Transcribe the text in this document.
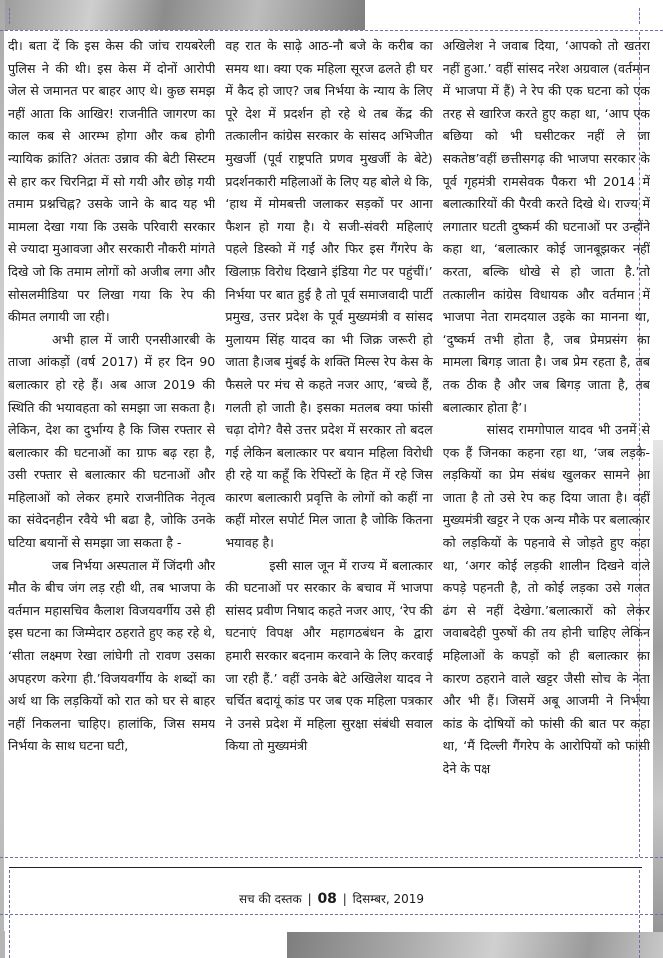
दी। बता दें कि इस केस की जांच रायबरेली पुलिस ने की थी। इस केस में दोनों आरोपी जेल से जमानत पर बाहर आए थे। कुछ समझ नहीं आता कि आखिर! राजनीति जागरण का काल कब से आरम्भ होगा और कब होगी न्यायिक क्रांति? अंततः उन्नाव की बेटी सिस्टम से हार कर चिरनिद्रा में सो गयी और छोड़ गयी तमाम प्रश्नचिह्न? उसके जाने के बाद यह भी मामला देखा गया कि उसके परिवारी सरकार से ज्यादा मुआवजा और सरकारी नौकरी मांगते दिखे जो कि तमाम लोगों को अजीब लगा और सोसलमीडिया पर लिखा गया कि रेप की कीमत लगायी जा रही।

अभी हाल में जारी एनसीआरबी के ताजा आंकड़ों (वर्ष 2017) में हर दिन 90 बलात्कार हो रहे हैं। अब आज 2019 की स्थिति की भयावहता को समझा जा सकता है। लेकिन, देश का दुर्भाग्य है कि जिस रफ्तार से बलात्कार की घटनाओं का ग्राफ बढ़ रहा है, उसी रफ्तार से बलात्कार की घटनाओं और महिलाओं को लेकर हमारे राजनीतिक नेतृत्व का संवेदनहीन रवैये भी बढा है, जोकि उनके घटिया बयानों से समझा जा सकता है -

जब निर्भया अस्पताल में जिंदगी और मौत के बीच जंग लड़ रही थी, तब भाजपा के वर्तमान महासचिव कैलाश विजयवर्गीय उसे ही इस घटना का जिम्मेदार ठहराते हुए कह रहे थे, ‘सीता लक्ष्मण रेखा लांघेगी तो रावण उसका अपहरण करेगा ही.’विजयवर्गीय के शब्दों का अर्थ था कि लड़कियों को रात को घर से बाहर नहीं निकलना चाहिए। हालांकि, जिस समय निर्भया के साथ घटना घटी,

वह रात के साढ़े आठ-नौ बजे के करीब का समय था। क्या एक महिला सूरज ढलते ही घर में कैद हो जाए? जब निर्भया के न्याय के लिए पूरे देश में प्रदर्शन हो रहे थे तब केंद्र की तत्कालीन कांग्रेस सरकार के सांसद अभिजीत मुखर्जी (पूर्व राष्ट्रपति प्रणव मुखर्जी के बेटे) प्रदर्शनकारी महिलाओं के लिए यह बोले थे कि, ‘हाथ में मोमबत्ती जलाकर सड़कों पर आना फैशन हो गया है। ये सजी-संवरी महिलाएं पहले डिस्को में गईं और फिर इस गैंगरेप के खिलाफ़ विरोध दिखाने इंडिया गेट पर पहुंचीं।’ निर्भया पर बात हुई है तो पूर्व समाजवादी पार्टी प्रमुख, उत्तर प्रदेश के पूर्व मुख्यमंत्री व सांसद मुलायम सिंह यादव का भी जिक्र जरूरी हो जाता है।जब मुंबई के शक्ति मिल्स रेप केस के फैसले पर मंच से कहते नजर आए, ‘बच्चे हैं, गलती हो जाती है। इसका मतलब क्या फांसी चढ़ा दोगे? वैसे उत्तर प्रदेश में सरकार तो बदल गई लेकिन बलात्कार पर बयान महिला विरोधी ही रहे या कहूँ कि रेपिस्टों के हित में रहे जिस कारण बलात्कारी प्रवृत्ति के लोगों को कहीं ना कहीं मोरल सपोर्ट मिल जाता है जोकि कितना भयावह है।

इसी साल जून में राज्य में बलात्कार की घटनाओं पर सरकार के बचाव में भाजपा सांसद प्रवीण निषाद कहते नजर आए, ‘रेप की घटनाएं विपक्ष और महागठबंधन के द्वारा हमारी सरकार बदनाम करवाने के लिए करवाई जा रही हैं.’ वहीं उनके बेटे अखिलेश यादव ने चर्चित बदायूं कांड पर जब एक महिला पत्रकार ने उनसे प्रदेश में महिला सुरक्षा संबंधी सवाल किया तो मुख्यमंत्री

अखिलेश ने जवाब दिया, ‘आपको तो खतरा नहीं हुआ.’ वहीं सांसद नरेश अग्रवाल (वर्तमान में भाजपा में हैं) ने रेप की एक घटना को एक तरह से खारिज करते हुए कहा था, ‘आप एक बछिया को भी घसीटकर नहीं ले जा सकतेष्ठ’वहीं छत्तीसगढ़ की भाजपा सरकार के पूर्व गृहमंत्री रामसेवक पैकरा भी 2014 में बलात्कारियों की पैरवी करते दिखे थे। राज्य में लगातार घटती दुष्कर्म की घटनाओं पर उन्होंने कहा था, ‘बलात्कार कोई जानबूझकर नहीं करता, बल्कि धोखे से हो जाता है.’तो तत्कालीन कांग्रेस विधायक और वर्तमान में भाजपा नेता रामदयाल उइके का मानना था, ‘दुष्कर्म तभी होता है, जब प्रेमप्रसंग का मामला बिगड़ जाता है। जब प्रेम रहता है, तब तक ठीक है और जब बिगड़ जाता है, तब बलात्कार होता है’।

सांसद रामगोपाल यादव भी उनमें से एक हैं जिनका कहना रहा था, ‘जब लड़के-लड़कियों का प्रेम संबंध खुलकर सामने आ जाता है तो उसे रेप कह दिया जाता है। वहीं मुख्यमंत्री खट्टर ने एक अन्य मौके पर बलात्कार को लड़कियों के पहनावे से जोड़ते हुए कहा था, ‘अगर कोई लड़की शालीन दिखने वाले कपड़े पहनती है, तो कोई लड़का उसे गलत ढंग से नहीं देखेगा.’बलात्कारों को लेकर जवाबदेही पुरुषों की तय होनी चाहिए लेकिन महिलाओं के कपड़ों को ही बलात्कार का कारण ठहराने वाले खट्टर जैसी सोच के नेता और भी हैं। जिसमें अबू आजमी ने निर्भया कांड के दोषियों को फांसी की बात पर कहा था, ‘मैं दिल्ली गैंगरेप के आरोपियों को फांसी देने के पक्ष

सच की दस्तक | 08 | दिसम्बर, 2019
